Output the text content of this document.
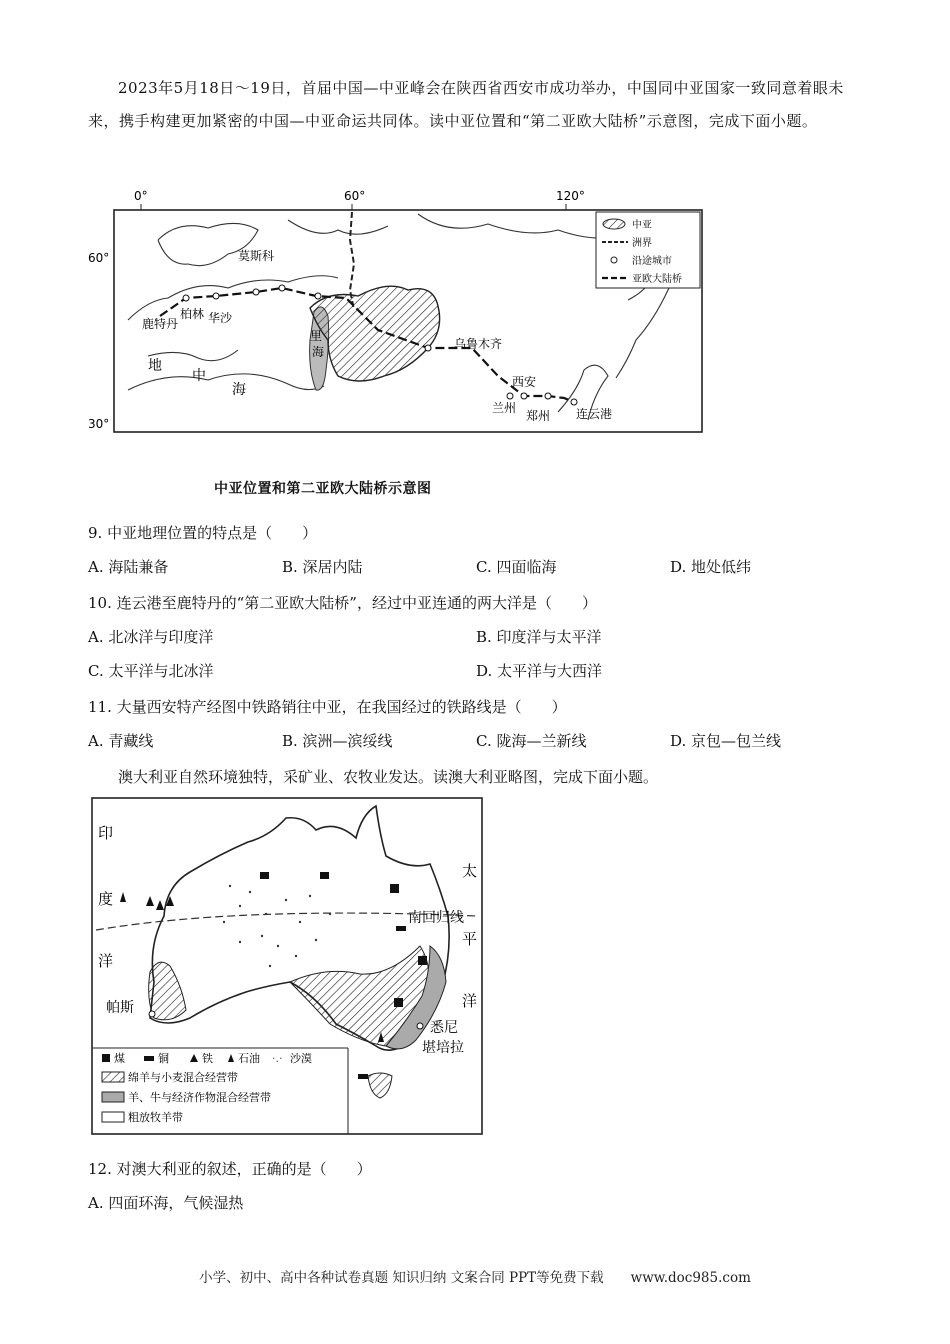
2023年5月18日～19日，首届中国—中亚峰会在陕西省西安市成功举办，中国同中亚国家一致同意着眼未来，携手构建更加紧密的中国—中亚命运共同体。读中亚位置和“第二亚欧大陆桥”示意图，完成下面小题。
0°	60°	120°
60°
30°
莫斯科
华沙
柏林
鹿特丹
乌鲁木齐
西安
兰州
郑州 连云港
里
海
地
中
海
中亚
洲界
沿途城市
亚欧大陆桥
中亚位置和第二亚欧大陆桥示意图
9. 中亚地理位置的特点是（　　）
A. 海陆兼备	B. 深居内陆	C. 四面临海	D. 地处低纬
10. 连云港至鹿特丹的“第二亚欧大陆桥”，经过中亚连通的两大洋是（　　）
A. 北冰洋与印度洋	B. 印度洋与太平洋
C. 太平洋与北冰洋	D. 太平洋与大西洋
11. 大量西安特产经图中铁路销往中亚，在我国经过的铁路线是（　　）
A. 青藏线	B. 滨洲—滨绥线	C. 陇海—兰新线	D. 京包—包兰线
澳大利亚自然环境独特，采矿业、农牧业发达。读澳大利亚略图，完成下面小题。
印
度
洋
太
平
洋
南回归线
帕斯
悉尼
堪培拉
煤	铜	铁 石油 ·.· 沙漠
绵羊与小麦混合经营带
羊、牛与经济作物混合经营带
粗放牧羊带
12. 对澳大利亚的叙述，正确的是（　　）
A. 四面环海，气候湿热
小学、初中、高中各种试卷真题 知识归纳 文案合同 PPT等免费下载　　www.doc985.com
